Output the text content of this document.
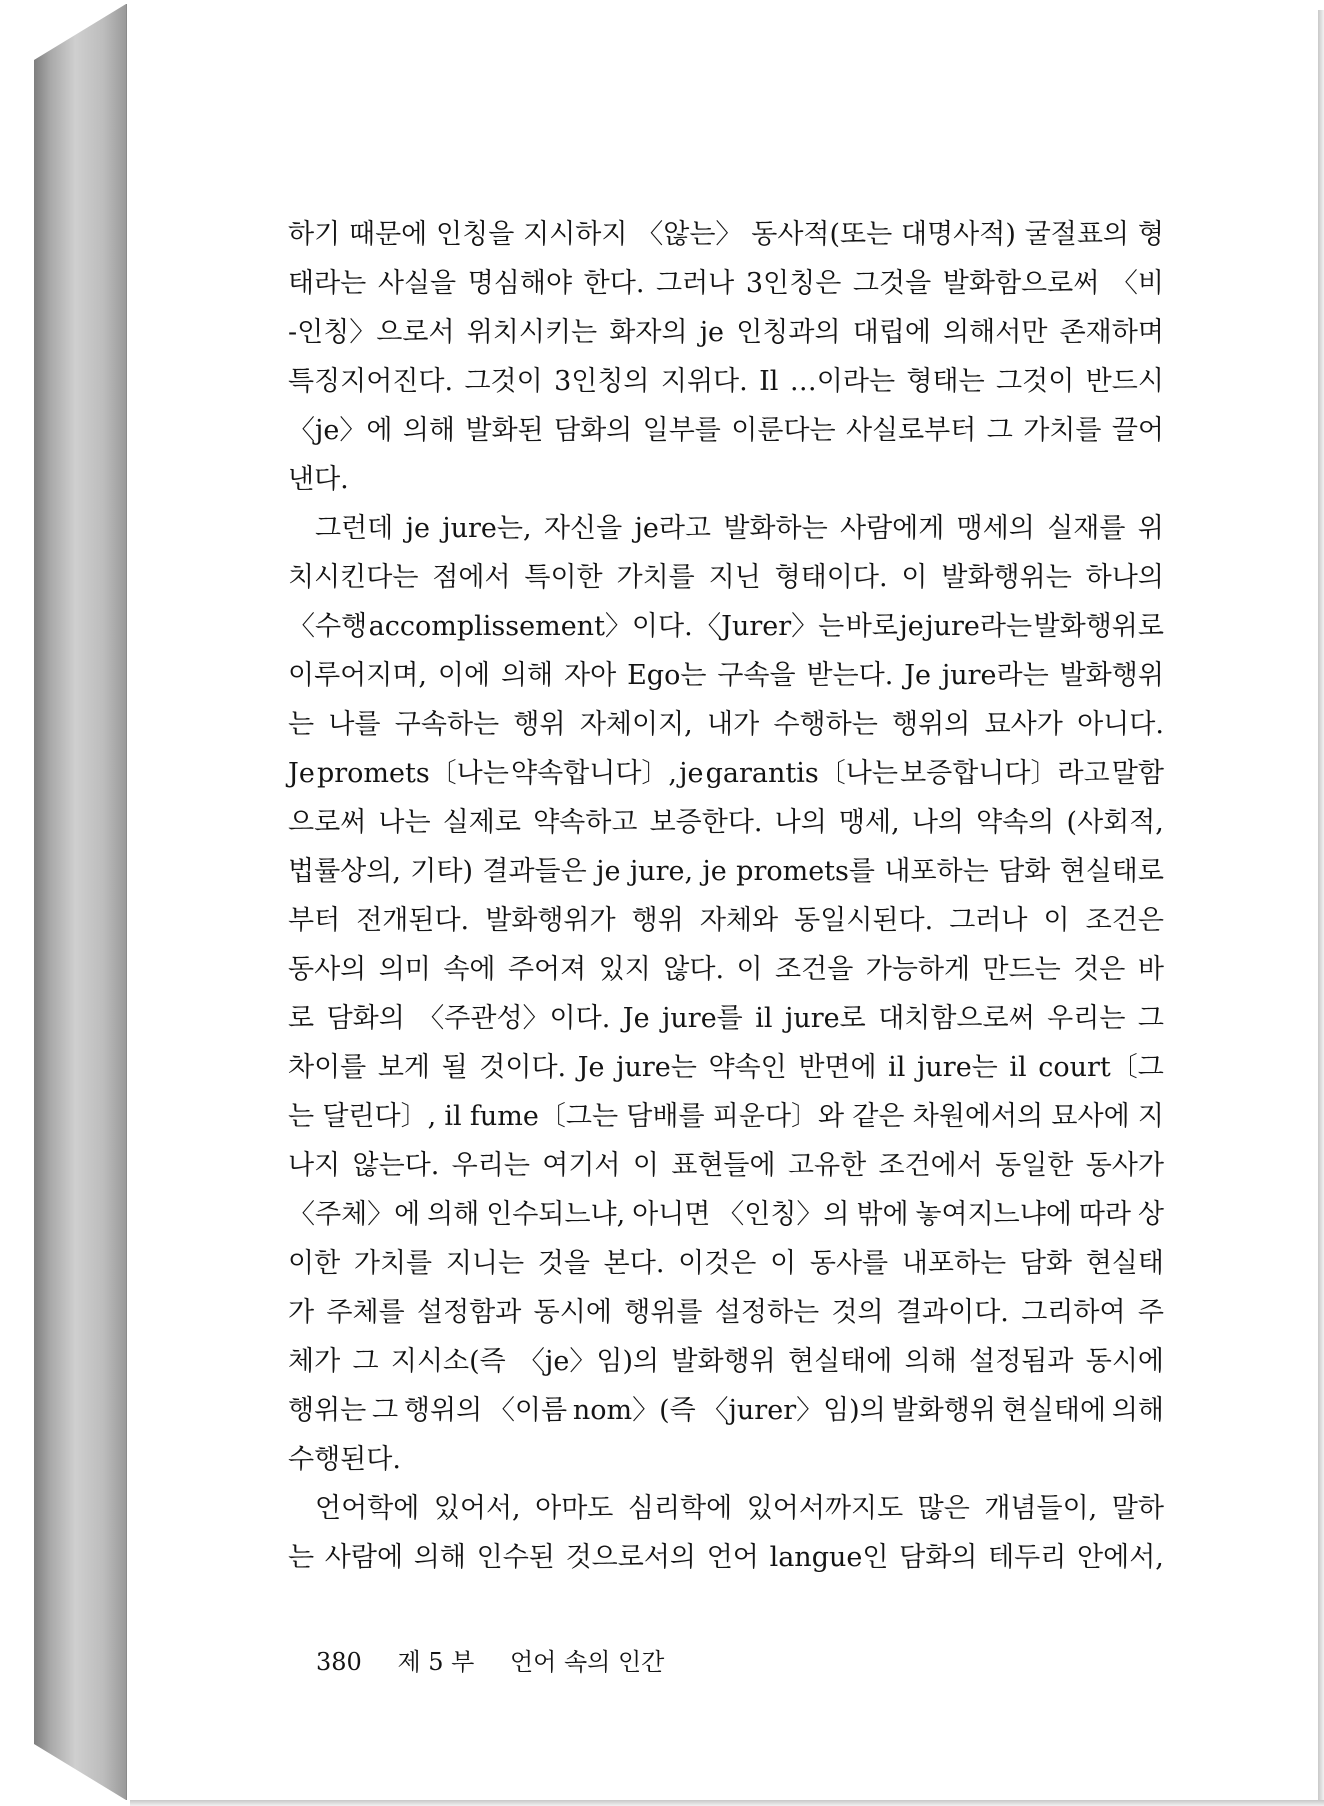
하기 때문에 인칭을 지시하지 〈않는〉 동사적(또는 대명사적) 굴절표의 형
태라는 사실을 명심해야 한다. 그러나 3인칭은 그것을 발화함으로써 〈비
-인칭〉으로서 위치시키는 화자의 je 인칭과의 대립에 의해서만 존재하며
특징지어진다. 그것이 3인칭의 지위다. Il …이라는 형태는 그것이 반드시
〈je〉에 의해 발화된 담화의 일부를 이룬다는 사실로부터 그 가치를 끌어
낸다.
　그런데 je jure는, 자신을 je라고 발화하는 사람에게 맹세의 실재를 위
치시킨다는 점에서 특이한 가치를 지닌 형태이다. 이 발화행위는 하나의
〈수행 accomplissement〉이다. 〈Jurer〉는 바로 je jure라는 발화행위로
이루어지며, 이에 의해 자아 Ego는 구속을 받는다. Je jure라는 발화행위
는 나를 구속하는 행위 자체이지, 내가 수행하는 행위의 묘사가 아니다.
Je promets〔나는 약속합니다〕, je garantis〔나는 보증합니다〕라고 말함
으로써 나는 실제로 약속하고 보증한다. 나의 맹세, 나의 약속의 (사회적,
법률상의, 기타) 결과들은 je jure, je promets를 내포하는 담화 현실태로
부터 전개된다. 발화행위가 행위 자체와 동일시된다. 그러나 이 조건은
동사의 의미 속에 주어져 있지 않다. 이 조건을 가능하게 만드는 것은 바
로 담화의 〈주관성〉이다. Je jure를 il jure로 대치함으로써 우리는 그
차이를 보게 될 것이다. Je jure는 약속인 반면에 il jure는 il court〔그
는 달린다〕, il fume〔그는 담배를 피운다〕와 같은 차원에서의 묘사에 지
나지 않는다. 우리는 여기서 이 표현들에 고유한 조건에서 동일한 동사가
〈주체〉에 의해 인수되느냐, 아니면 〈인칭〉의 밖에 놓여지느냐에 따라 상
이한 가치를 지니는 것을 본다. 이것은 이 동사를 내포하는 담화 현실태
가 주체를 설정함과 동시에 행위를 설정하는 것의 결과이다. 그리하여 주
체가 그 지시소(즉 〈je〉임)의 발화행위 현실태에 의해 설정됨과 동시에
행위는 그 행위의 〈이름 nom〉(즉 〈jurer〉임)의 발화행위 현실태에 의해
수행된다.
　언어학에 있어서, 아마도 심리학에 있어서까지도 많은 개념들이, 말하
는 사람에 의해 인수된 것으로서의 언어 langue인 담화의 테두리 안에서,
380 제 5 부 언어 속의 인간
